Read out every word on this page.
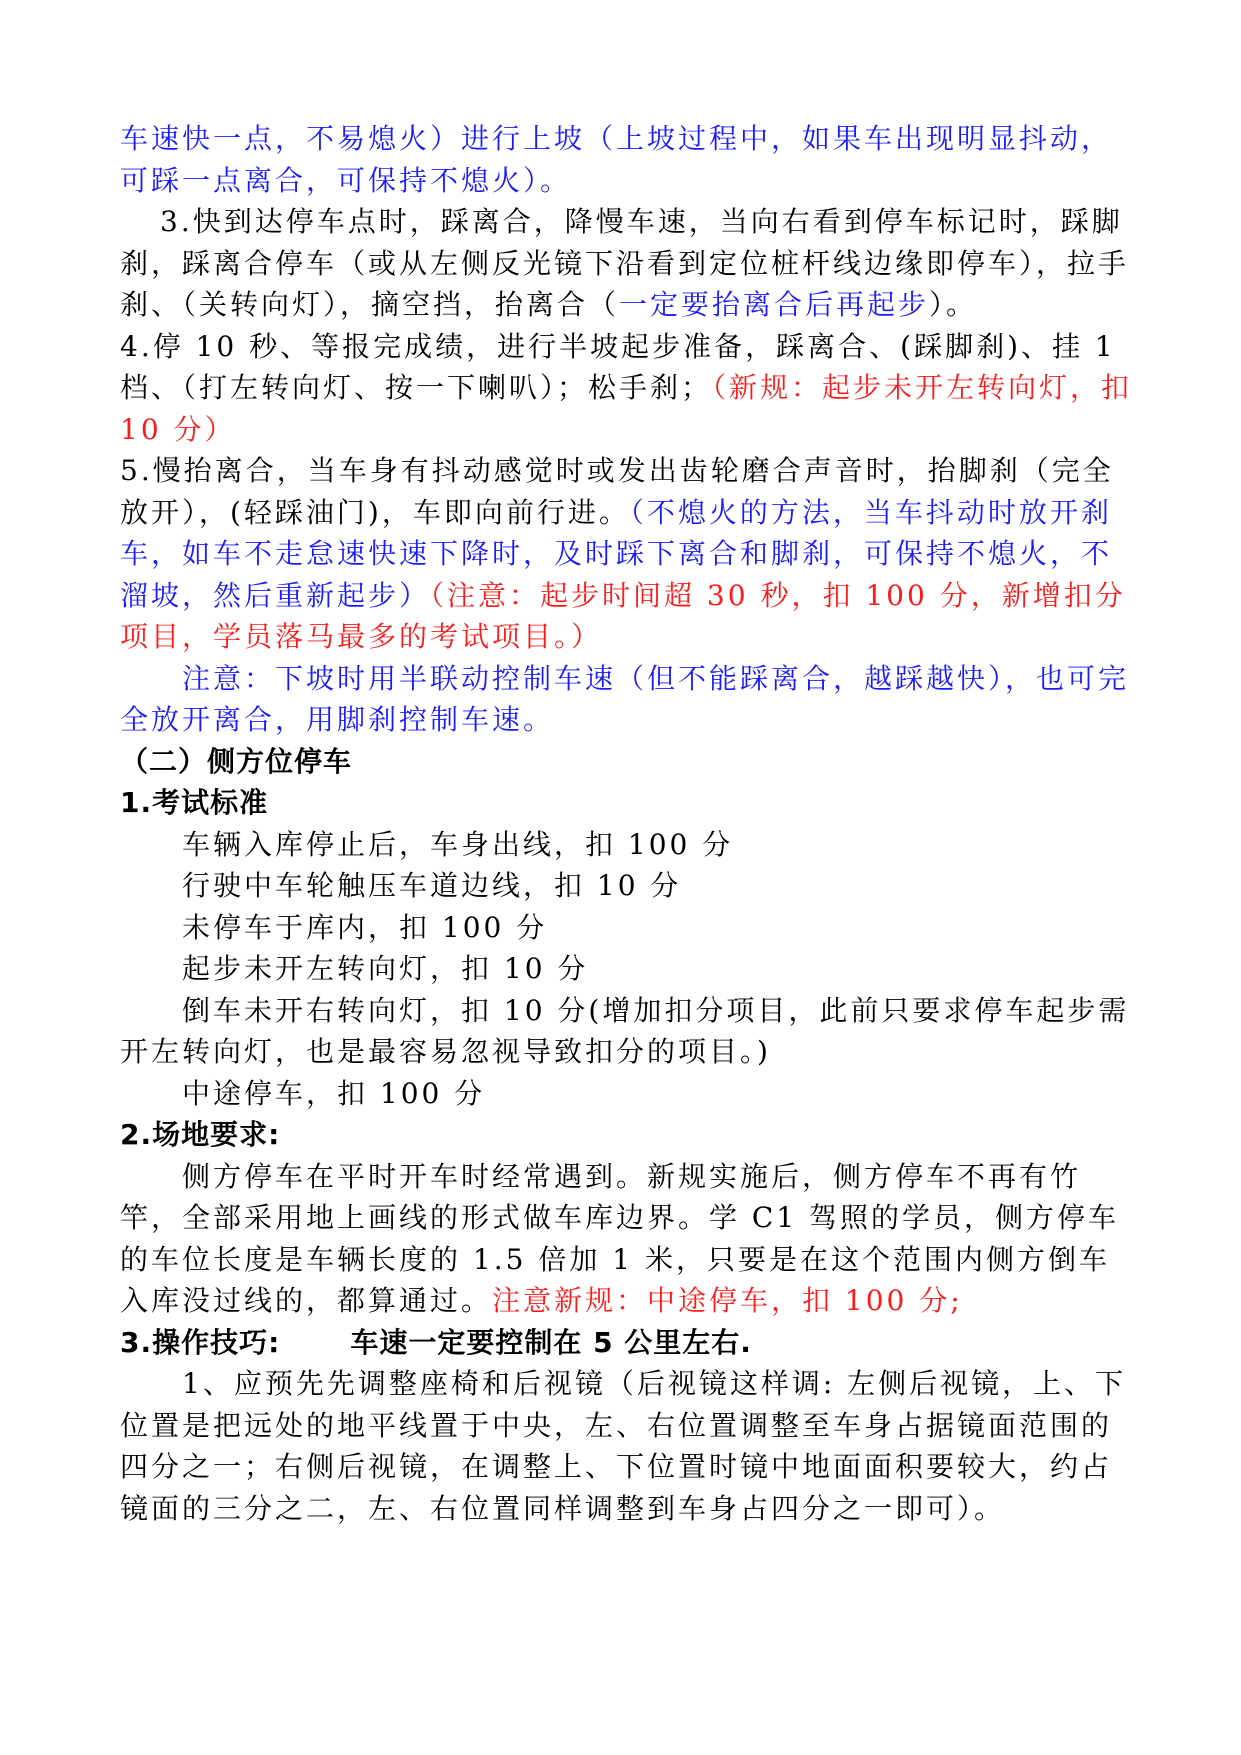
车速快一点，不易熄火）进行上坡（上坡过程中，如果车出现明显抖动，可踩一点离合，可保持不熄火）。

3.快到达停车点时，踩离合，降慢车速，当向右看到停车标记时，踩脚刹，踩离合停车（或从左侧反光镜下沿看到定位桩杆线边缘即停车），拉手刹、（关转向灯），摘空挡，抬离合（一定要抬离合后再起步）。

4.停 10 秒、等报完成绩，进行半坡起步准备，踩离合、(踩脚刹)、挂 1 档、（打左转向灯、按一下喇叭）；松手刹；（新规：起步未开左转向灯，扣 10 分）

5.慢抬离合，当车身有抖动感觉时或发出齿轮磨合声音时，抬脚刹（完全放开），(轻踩油门)，车即向前行进。（不熄火的方法，当车抖动时放开刹车，如车不走怠速快速下降时，及时踩下离合和脚刹，可保持不熄火，不溜坡，然后重新起步）（注意：起步时间超 30 秒，扣 100 分，新增扣分项目，学员落马最多的考试项目。）

注意：下坡时用半联动控制车速（但不能踩离合，越踩越快），也可完全放开离合，用脚刹控制车速。

（二）侧方位停车

1.考试标准

车辆入库停止后，车身出线，扣 100 分

行驶中车轮触压车道边线，扣 10 分

未停车于库内，扣 100 分

起步未开左转向灯，扣 10 分

倒车未开右转向灯，扣 10 分(增加扣分项目，此前只要求停车起步需开左转向灯，也是最容易忽视导致扣分的项目。)

中途停车，扣 100 分

2.场地要求:

侧方停车在平时开车时经常遇到。新规实施后，侧方停车不再有竹竿，全部采用地上画线的形式做车库边界。学 C1 驾照的学员，侧方停车的车位长度是车辆长度的 1.5 倍加 1 米，只要是在这个范围内侧方倒车入库没过线的，都算通过。注意新规：中途停车，扣 100 分;

3.操作技巧:	车速一定要控制在 5 公里左右.

1、应预先先调整座椅和后视镜（后视镜这样调: 左侧后视镜，上、下位置是把远处的地平线置于中央，左、右位置调整至车身占据镜面范围的四分之一；右侧后视镜，在调整上、下位置时镜中地面面积要较大，约占镜面的三分之二，左、右位置同样调整到车身占四分之一即可）。
